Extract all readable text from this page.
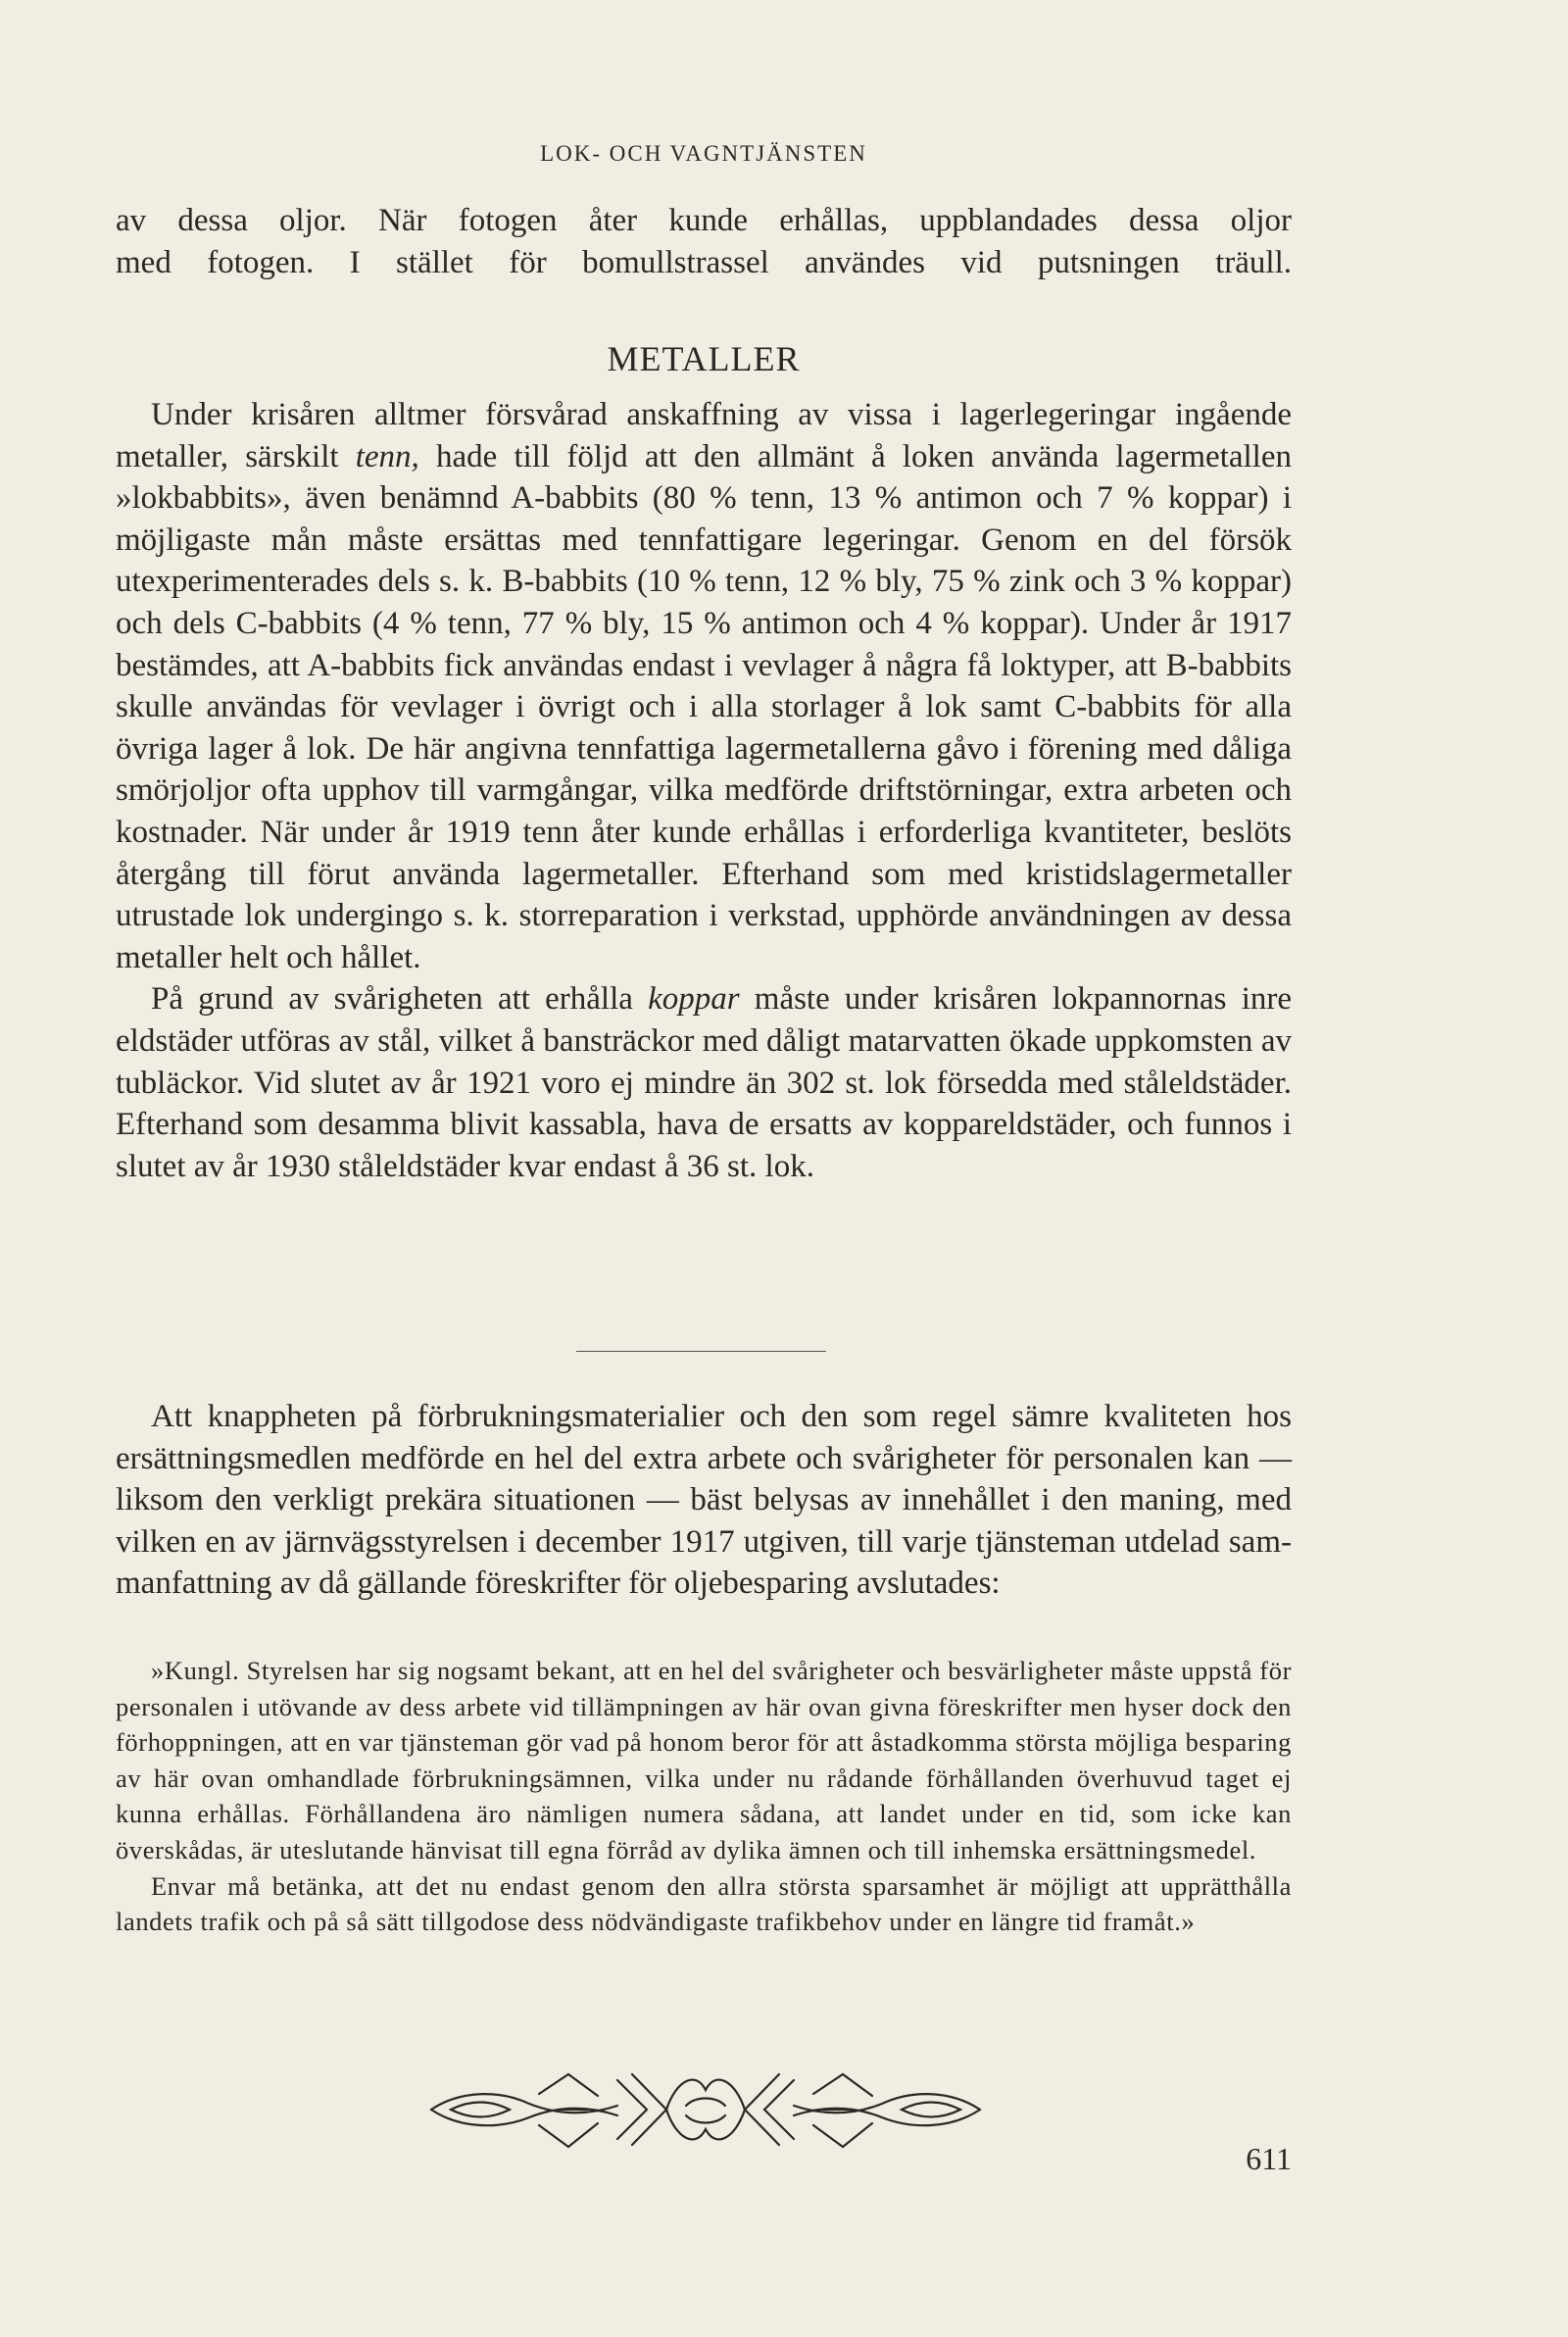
LOK- OCH VAGNTJÄNSTEN
av dessa oljor. När fotogen åter kunde erhållas, uppblandades dessa oljor
med fotogen. I stället för bomullstrassel användes vid putsningen träull.
METALLER

Under krisåren alltmer försvårad anskaffning av vissa i lagerlegeringar ingående metaller, särskilt tenn, hade till följd att den allmänt å loken använda lagermetallen »lokbabbits», även benämnd A-babbits (80 % tenn, 13 % antimon och 7 % koppar) i möjligaste mån måste ersättas med tennfattigare legeringar. Genom en del försök utexperimenterades dels s. k. B-babbits (10 % tenn, 12 % bly, 75 % zink och 3 % koppar) och dels C-babbits (4 % tenn, 77 % bly, 15 % antimon och 4 % koppar). Under år 1917 bestämdes, att A-babbits fick användas endast i vevlager å några få loktyper, att B-babbits skulle användas för vevlager i övrigt och i alla storlager å lok samt C-babbits för alla övriga lager å lok. De här angivna tennfattiga lagermetallerna gåvo i förening med dåliga smörjoljor ofta upphov till varmgångar, vilka medförde driftstörningar, extra arbeten och kostnader. När under år 1919 tenn åter kunde erhållas i erforderliga kvantiteter, beslöts återgång till förut använda lagermetaller. Efterhand som med kristidslagermetaller utrustade lok undergingo s. k. storreparation i verkstad, upphörde användningen av dessa metaller helt och hållet.

På grund av svårigheten att erhålla koppar måste under krisåren lokpannornas inre eldstäder utföras av stål, vilket å bansträckor med dåligt matarvatten ökade uppkomsten av tubläckor. Vid slutet av år 1921 voro ej mindre än 302 st. lok försedda med ståleldstäder. Efterhand som desamma blivit kassabla, hava de ersatts av koppareldstäder, och funnos i slutet av år 1930 ståleldstäder kvar endast å 36 st. lok.

Att knappheten på förbrukningsmaterialier och den som regel sämre kvaliteten hos ersättningsmedlen medförde en hel del extra arbete och svårigheter för personalen kan — liksom den verkligt prekära situationen — bäst belysas av innehållet i den maning, med vilken en av järnvägsstyrelsen i december 1917 utgiven, till varje tjänsteman utdelad sammanfattning av då gällande föreskrifter för oljebesparing avslutades:

»Kungl. Styrelsen har sig nogsamt bekant, att en hel del svårigheter och besvärligheter måste uppstå för personalen i utövande av dess arbete vid tillämpningen av här ovan givna föreskrifter men hyser dock den förhoppningen, att en var tjänsteman gör vad på honom beror för att åstadkomma största möjliga besparing av här ovan omhandlade förbrukningsämnen, vilka under nu rådande förhållanden överhuvud taget ej kunna erhållas. Förhållandena äro nämligen numera sådana, att landet under en tid, som icke kan överskådas, är uteslutande hänvisat till egna förråd av dylika ämnen och till inhemska ersättningsmedel.

Envar må betänka, att det nu endast genom den allra största sparsamhet är möjligt att upprätthålla landets trafik och på så sätt tillgodose dess nödvändigaste trafikbehov under en längre tid framåt.»

611
